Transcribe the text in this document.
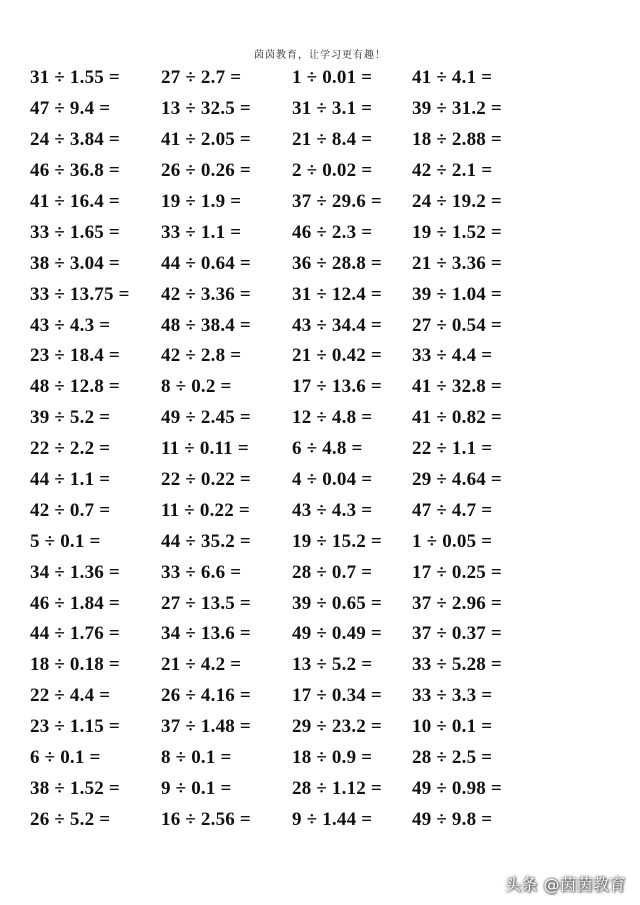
茵茵教育，让学习更有趣！
31 ÷ 1.55 =	27 ÷ 2.7 =	1 ÷ 0.01 =	41 ÷ 4.1 =
47 ÷ 9.4 =	13 ÷ 32.5 =	31 ÷ 3.1 =	39 ÷ 31.2 =
24 ÷ 3.84 =	41 ÷ 2.05 =	21 ÷ 8.4 =	18 ÷ 2.88 =
46 ÷ 36.8 =	26 ÷ 0.26 =	2 ÷ 0.02 =	42 ÷ 2.1 =
41 ÷ 16.4 =	19 ÷ 1.9 =	37 ÷ 29.6 =	24 ÷ 19.2 =
33 ÷ 1.65 =	33 ÷ 1.1 =	46 ÷ 2.3 =	19 ÷ 1.52 =
38 ÷ 3.04 =	44 ÷ 0.64 =	36 ÷ 28.8 =	21 ÷ 3.36 =
33 ÷ 13.75 =	42 ÷ 3.36 =	31 ÷ 12.4 =	39 ÷ 1.04 =
43 ÷ 4.3 =	48 ÷ 38.4 =	43 ÷ 34.4 =	27 ÷ 0.54 =
23 ÷ 18.4 =	42 ÷ 2.8 =	21 ÷ 0.42 =	33 ÷ 4.4 =
48 ÷ 12.8 =	8 ÷ 0.2 =	17 ÷ 13.6 =	41 ÷ 32.8 =
39 ÷ 5.2 =	49 ÷ 2.45 =	12 ÷ 4.8 =	41 ÷ 0.82 =
22 ÷ 2.2 =	11 ÷ 0.11 =	6 ÷ 4.8 =	22 ÷ 1.1 =
44 ÷ 1.1 =	22 ÷ 0.22 =	4 ÷ 0.04 =	29 ÷ 4.64 =
42 ÷ 0.7 =	11 ÷ 0.22 =	43 ÷ 4.3 =	47 ÷ 4.7 =
5 ÷ 0.1 =	44 ÷ 35.2 =	19 ÷ 15.2 =	1 ÷ 0.05 =
34 ÷ 1.36 =	33 ÷ 6.6 =	28 ÷ 0.7 =	17 ÷ 0.25 =
46 ÷ 1.84 =	27 ÷ 13.5 =	39 ÷ 0.65 =	37 ÷ 2.96 =
44 ÷ 1.76 =	34 ÷ 13.6 =	49 ÷ 0.49 =	37 ÷ 0.37 =
18 ÷ 0.18 =	21 ÷ 4.2 =	13 ÷ 5.2 =	33 ÷ 5.28 =
22 ÷ 4.4 =	26 ÷ 4.16 =	17 ÷ 0.34 =	33 ÷ 3.3 =
23 ÷ 1.15 =	37 ÷ 1.48 =	29 ÷ 23.2 =	10 ÷ 0.1 =
6 ÷ 0.1 =	8 ÷ 0.1 =	18 ÷ 0.9 =	28 ÷ 2.5 =
38 ÷ 1.52 =	9 ÷ 0.1 =	28 ÷ 1.12 =	49 ÷ 0.98 =
26 ÷ 5.2 =	16 ÷ 2.56 =	9 ÷ 1.44 =	49 ÷ 9.8 =
头条 @茵茵教育
